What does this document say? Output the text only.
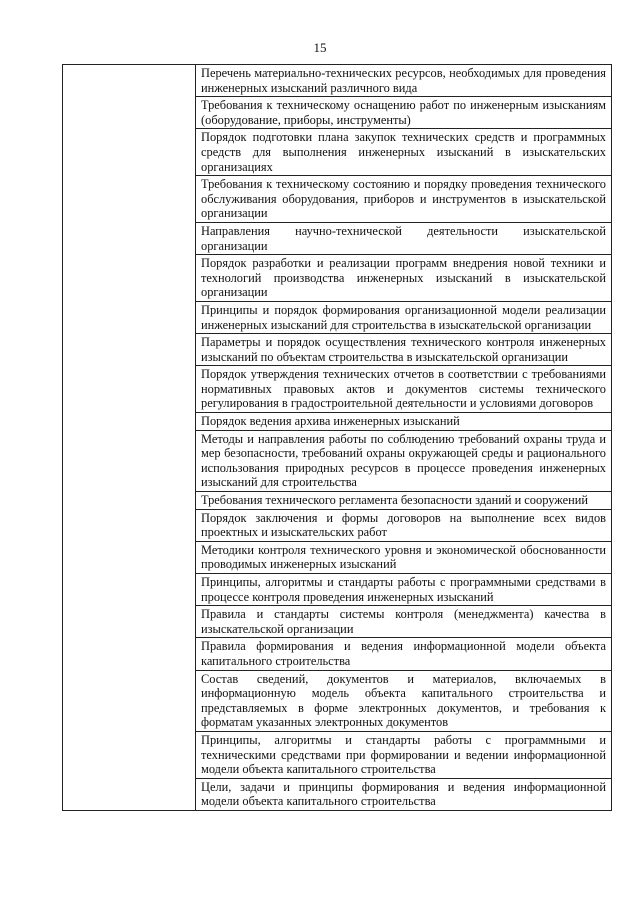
15
	Перечень материально-технических ресурсов, необходимых для проведения инженерных изысканий различного вида
Требования к техническому оснащению работ по инженерным изысканиям (оборудование, приборы, инструменты)
Порядок подготовки плана закупок технических средств и программных средств для выполнения инженерных изысканий в изыскательских организациях
Требования к техническому состоянию и порядку проведения технического обслуживания оборудования, приборов и инструментов в изыскательской организации
Направления научно-технической деятельности изыскательской организации
Порядок разработки и реализации программ внедрения новой техники и технологий производства инженерных изысканий в изыскательской организации
Принципы и порядок формирования организационной модели реализации инженерных изысканий для строительства в изыскательской организации
Параметры и порядок осуществления технического контроля инженерных изысканий по объектам строительства в изыскательской организации
Порядок утверждения технических отчетов в соответствии с требованиями нормативных правовых актов и документов системы технического регулирования в градостроительной деятельности и условиями договоров
Порядок ведения архива инженерных изысканий
Методы и направления работы по соблюдению требований охраны труда и мер безопасности, требований охраны окружающей среды и рационального использования природных ресурсов в процессе проведения инженерных изысканий для строительства
Требования технического регламента безопасности зданий и сооружений
Порядок заключения и формы договоров на выполнение всех видов проектных и изыскательских работ
Методики контроля технического уровня и экономической обоснованности проводимых инженерных изысканий
Принципы, алгоритмы и стандарты работы с программными средствами в процессе контроля проведения инженерных изысканий
Правила и стандарты системы контроля (менеджмента) качества в изыскательской организации
Правила формирования и ведения информационной модели объекта капитального строительства
Состав сведений, документов и материалов, включаемых в информационную модель объекта капитального строительства и представляемых в форме электронных документов, и требования к форматам указанных электронных документов
Принципы, алгоритмы и стандарты работы с программными и техническими средствами при формировании и ведении информационной модели объекта капитального строительства
Цели, задачи и принципы формирования и ведения информационной модели объекта капитального строительства
